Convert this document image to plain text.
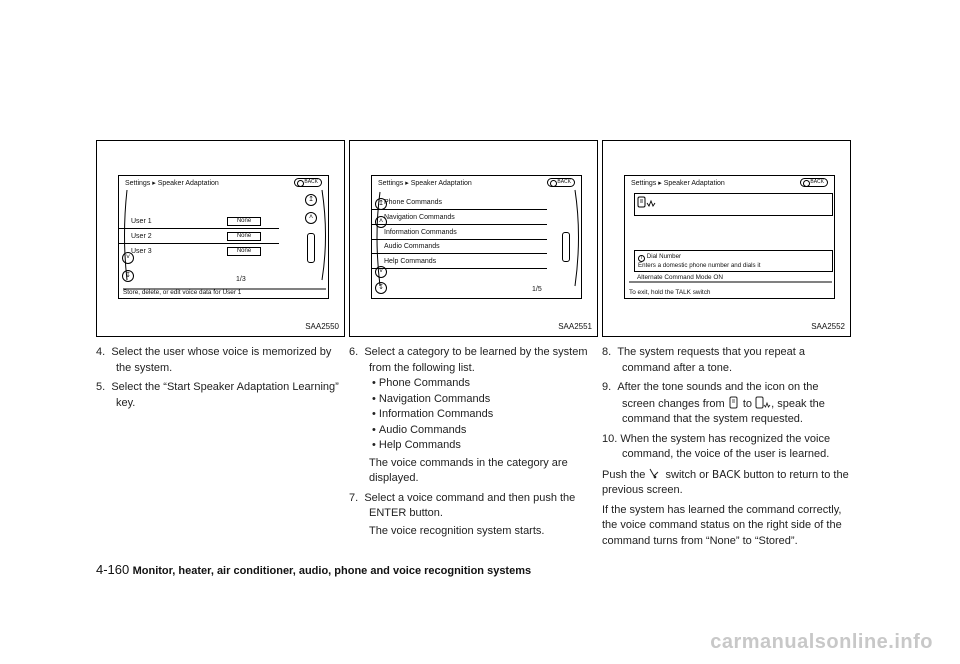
Settings ▸ Speaker Adaptation	BACK
User 1	None
User 2	None
User 3	None
↥
˄
˅
↧
1/3
Store, delete, or edit voice data for User 1
SAA2550
Settings ▸ Speaker Adaptation	BACK
Phone Commands
Navigation Commands
Information Commands
Audio Commands
Help Commands
↥
˄
˅
↧	1/5
SAA2551
Settings ▸ Speaker Adaptation	BACK
i Dial Number
Enters a domestic phone number and dials it
Alternate Command Mode ON
To exit, hold the TALK switch
SAA2552

4. Select the user whose voice is memorized by the system.

5. Select the “Start Speaker Adaptation Learning” key.

6. Select a category to be learned by the system from the following list.

• Phone Commands

• Navigation Commands

• Information Commands

• Audio Commands

• Help Commands

The voice commands in the category are displayed.

7. Select a voice command and then push the ENTER button.

The voice recognition system starts.

8. The system requests that you repeat a command after a tone.

9. After the tone sounds and the icon on the screen changes from to , speak the command that the system requested.

10. When the system has recognized the voice command, the voice of the user is learned.

Push the switch or BACK button to return to the previous screen.

If the system has learned the command correctly, the voice command status on the right side of the command turns from “None” to “Stored”.

4-160 Monitor, heater, air conditioner, audio, phone and voice recognition systems
carmanualsonline.info
